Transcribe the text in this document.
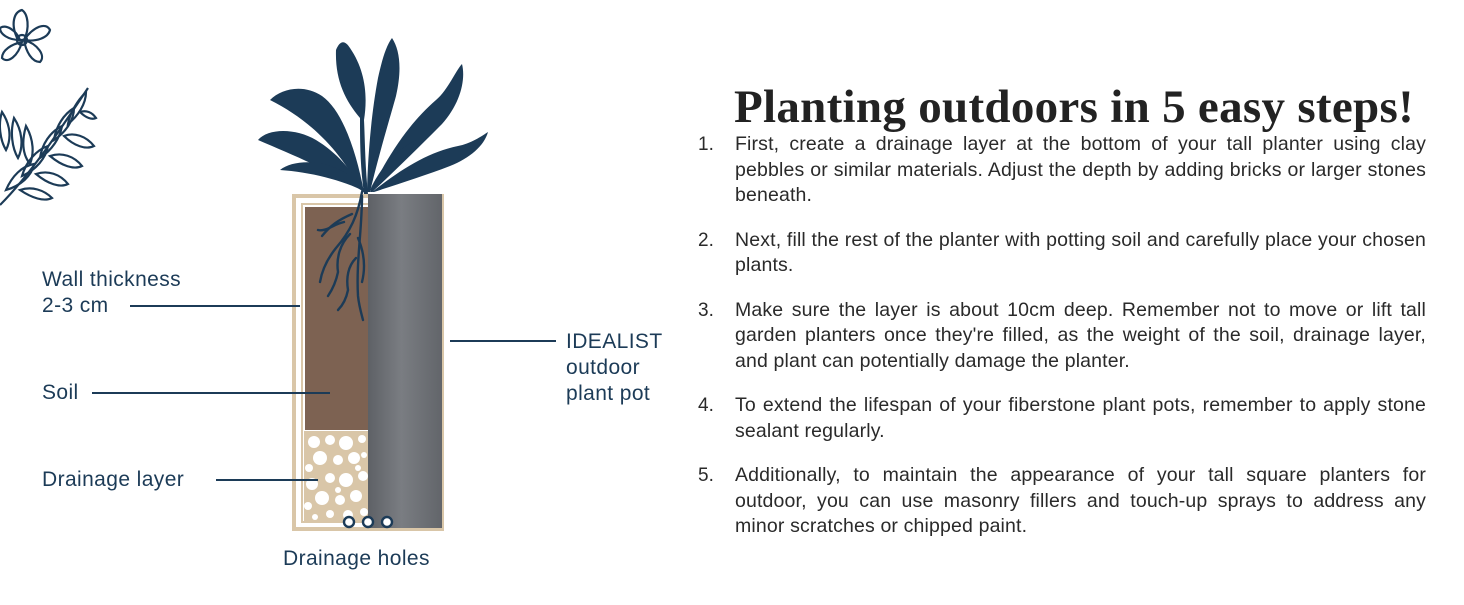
Wall thickness
2-3 cm
Soil
Drainage layer
Drainage holes
IDEALIST
outdoor
plant pot
Planting outdoors in 5 easy steps!
1. First, create a drainage layer at the bottom of your tall planter using clay pebbles or similar materials. Adjust the depth by adding bricks or larger stones beneath.
2. Next, fill the rest of the planter with potting soil and carefully place your chosen plants.
3. Make sure the layer is about 10cm deep. Remember not to move or lift tall garden planters once they're filled, as the weight of the soil, drainage layer, and plant can potentially damage the planter.
4. To extend the lifespan of your fiberstone plant pots, remember to apply stone sealant regularly.
5. Additionally, to maintain the appearance of your tall square planters for outdoor, you can use masonry fillers and touch-up sprays to address any minor scratches or chipped paint.
